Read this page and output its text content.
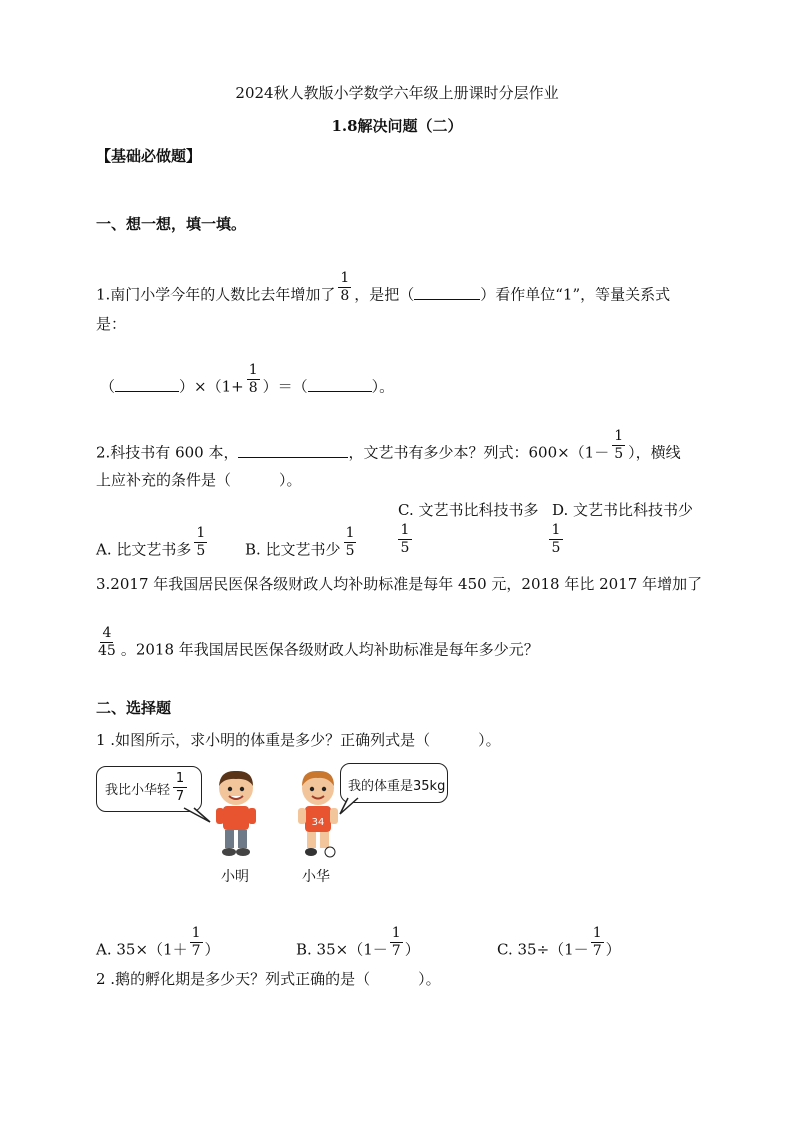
2024秋人教版小学数学六年级上册课时分层作业
1.8解决问题（二）
【基础必做题】
一、想一想，填一填。
1.南门小学今年的人数比去年增加了 $\frac{1}{8}$ ，是把（	）看作单位“1”，等量关系式
是：
（	）$\times(1+ \frac{1}{8}$ ）＝（	）。
2.科技书有 600 本，	，文艺书有多少本？列式：$600\times(1- \frac{1}{5}$ ），横线
上应补充的条件是（	）。
A. 比文艺书多 $\frac{1}{5}$	B. 比文艺书少 $\frac{1}{5}$
C. 文艺书比科技书多
1
5
D. 文艺书比科技书少
1
5
3.2017 年我国居民医保各级财政人均补助标准是每年 450 元，2018 年比 2017 年增加了
$\frac{4}{45}$ 。2018 年我国居民医保各级财政人均补助标准是每年多少元？
二、选择题
1 .如图所示，求小明的体重是多少？正确列式是（	）。
我比小华轻
1
7
我的体重是35kg
34
小明	小华
A. $35\times(1+ \frac{1}{7}$ ）	B. $35\times(1- \frac{1}{7}$ ）	C. $35\div(1- \frac{1}{7}$ ）
2 .鹅的孵化期是多少天？列式正确的是（	）。
